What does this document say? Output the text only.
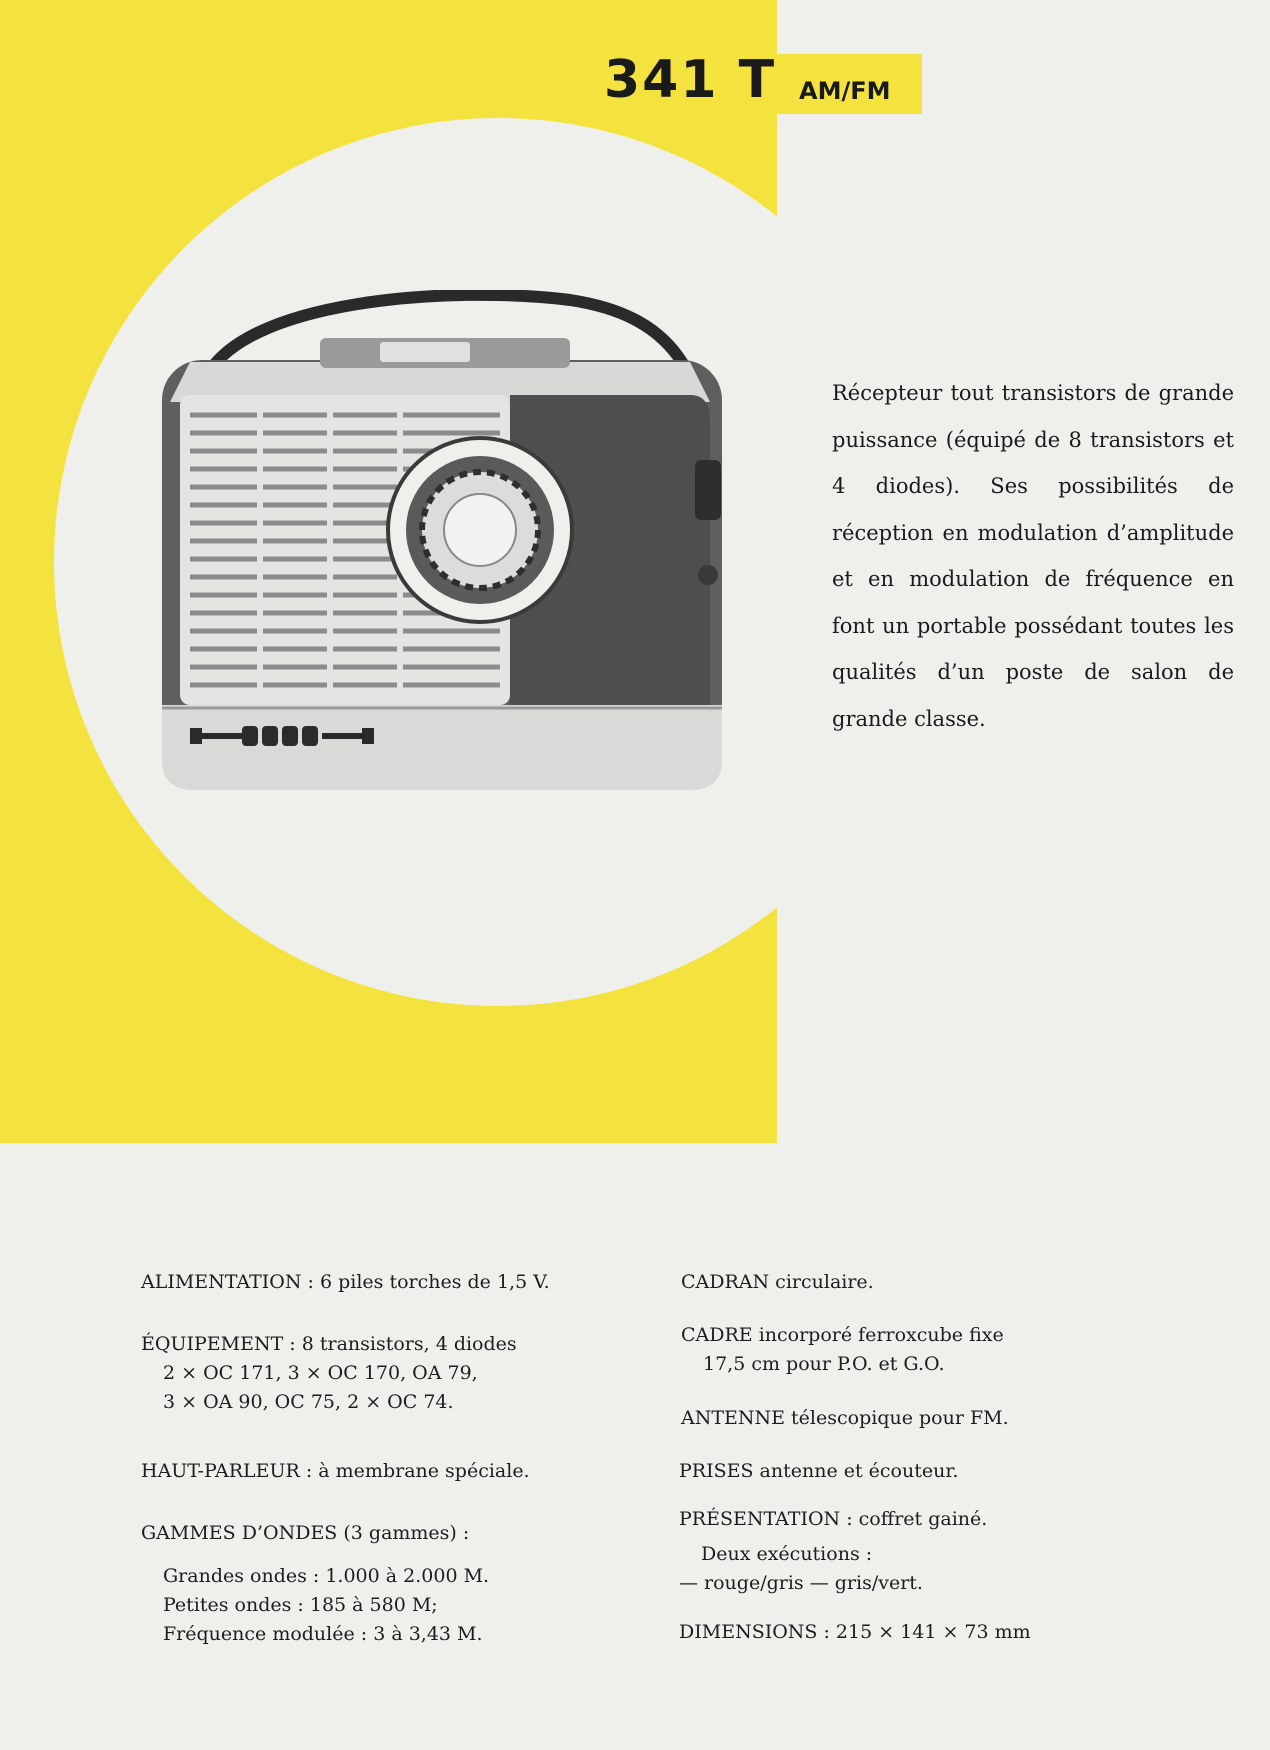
341 T AM/FM

Récepteur tout transistors de grande puissance (équipé de 8 transistors et 4 diodes). Ses possibilités de réception en modulation d’amplitude et en modulation de fréquence en font un portable possédant toutes les qualités d’un poste de salon de grande classe.

ALIMENTATION : 6 piles torches de 1,5 V.
ÉQUIPEMENT : 8 transistors, 4 diodes
2 × OC 171, 3 × OC 170, OA 79,
3 × OA 90, OC 75, 2 × OC 74.
HAUT-PARLEUR : à membrane spéciale.
GAMMES D’ONDES (3 gammes) :
Grandes ondes : 1.000 à 2.000 M.
Petites ondes : 185 à 580 M;
Fréquence modulée : 3 à 3,43 M.
CADRAN circulaire.
CADRE incorporé ferroxcube fixe
17,5 cm pour P.O. et G.O.
ANTENNE télescopique pour FM.
PRISES antenne et écouteur.
PRÉSENTATION : coffret gainé.
Deux exécutions :
— rouge/gris — gris/vert.
DIMENSIONS : 215 × 141 × 73 mm
